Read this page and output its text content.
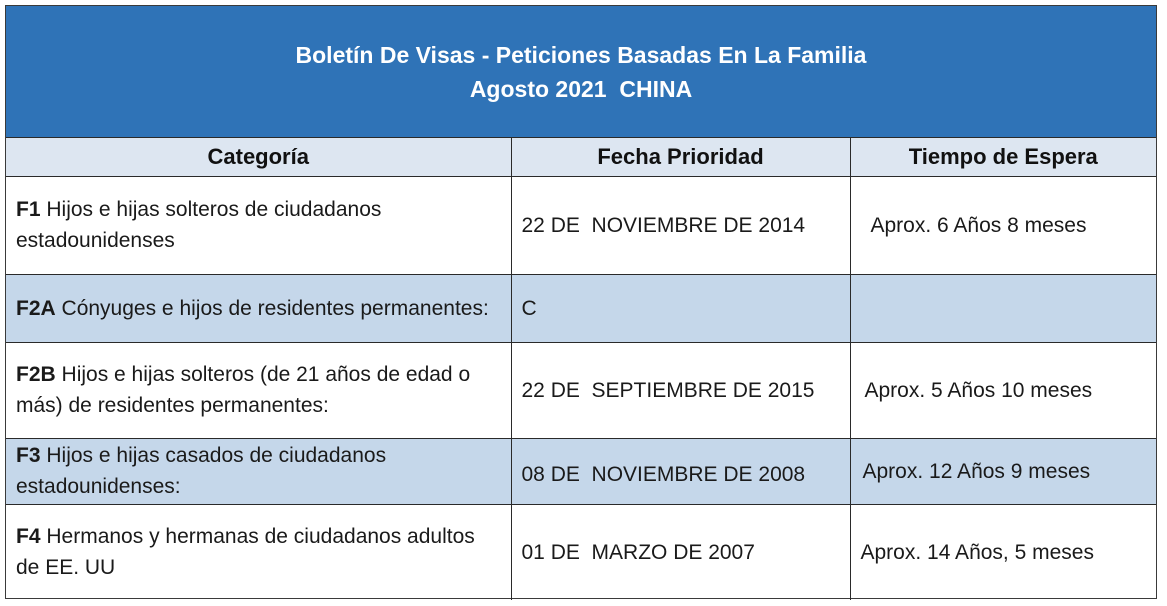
Boletín De Visas - Peticiones Basadas En La Familia
Agosto 2021  CHINA
Categoría	Fecha Prioridad	Tiempo de Espera
F1 Hijos e hijas solteros de ciudadanos estadounidenses	22 DE  NOVIEMBRE DE 2014	Aprox. 6 Años 8 meses
F2A Cónyuges e hijos de residentes permanentes:	C	
F2B Hijos e hijas solteros (de 21 años de edad o más) de residentes permanentes:	22 DE  SEPTIEMBRE DE 2015	Aprox. 5 Años 10 meses
F3 Hijos e hijas casados de ciudadanos estadounidenses:	08 DE  NOVIEMBRE DE 2008	Aprox. 12 Años 9 meses
F4 Hermanos y hermanas de ciudadanos adultos de EE. UU	01 DE  MARZO DE 2007	Aprox. 14 Años, 5 meses
